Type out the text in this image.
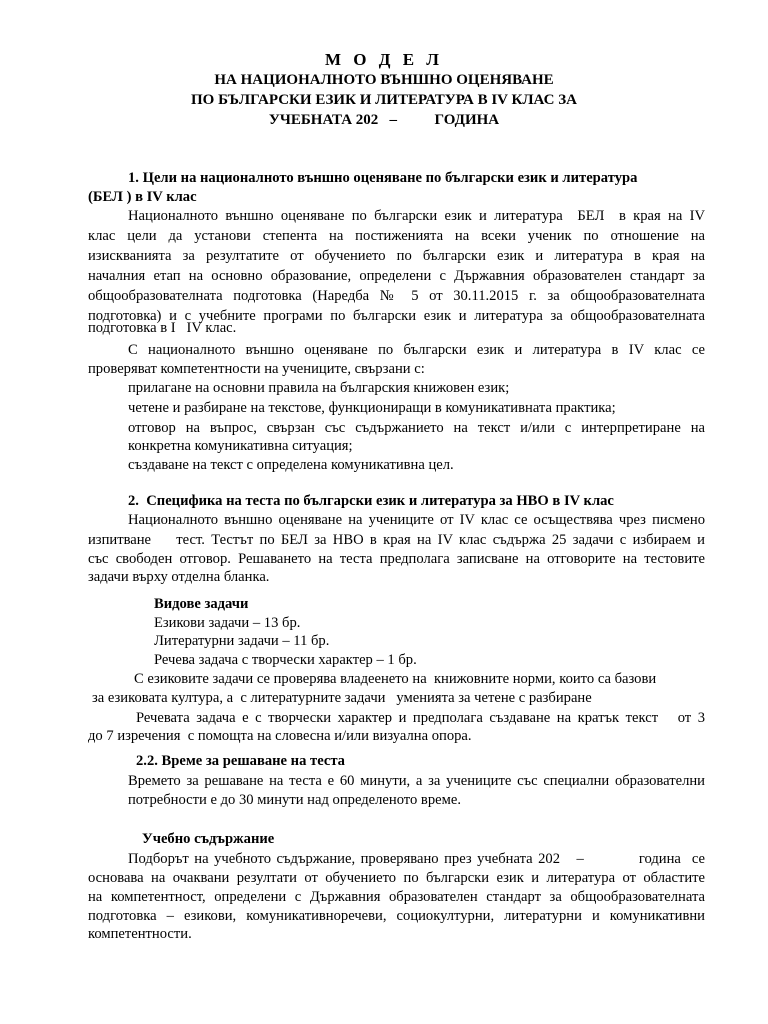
М О Д Е Л
НА НАЦИОНАЛНОТО ВЪНШНО ОЦЕНЯВАНЕ
ПО БЪЛГАРСКИ ЕЗИК И ЛИТЕРАТУРА В IV КЛАС ЗА
УЧЕБНАТА 202   –          ГОДИНА
1. Цели на националното външно оценяване по български език и литература
(БЕЛ ) в IV клас
Националното външно оценяване по български език и литература  БЕЛ  в края на IV
клас цели да установи степента на постиженията на всеки ученик по отношение на
изискванията за резултатите от обучението по български език и литература в края на
началния етап на основно образование, определени с Държавния образователен стандарт за
общообразователната подготовка (Наредба № 5 от 30.11.2015 г. за общообразователната
подготовка) и с учебните програми по български език и литература за общообразователната
подготовка в I   IV клас.
С националното външно оценяване по български език и литература в IV клас се
проверяват компетентности на учениците, свързани с:
прилагане на основни правила на българския книжовен език;
четене и разбиране на текстове, функциониращи в комуникативната практика;
отговор на въпрос, свързан със съдържанието на текст и/или с интерпретиране на
конкретна комуникативна ситуация;
създаване на текст с определена комуникативна цел.
2.  Специфика на теста по български език и литература за НВО в IV клас
Националното външно оценяване на учениците от IV клас се осъществява чрез писмено
изпитване    тест. Тестът по БЕЛ за НВО в края на IV клас съдържа 25 задачи с избираем и
със свободен отговор. Решаването на теста предполага записване на отговорите на тестовите
задачи върху отделна бланка.
Видове задачи
Езикови задачи – 13 бр.
Литературни задачи – 11 бр.
Речева задача с творчески характер – 1 бр.
С езиковите задачи се проверява владеенето на  книжовните норми, които са базови
за езиковата култура, а  с литературните задачи   уменията за четене с разбиране
Речевата задача е с творчески характер и предполага създаване на кратък текст   от 3
до 7 изречения  с помощта на словесна и/или визуална опора.
2.2. Време за решаване на теста
Времето за решаване на теста е 60 минути, а за учениците със специални образователни
потребности е до 30 минути над определеното време.
Учебно съдържание
Подборът на учебното съдържание, проверявано през учебната 202   –          година  се
основава на очаквани резултати от обучението по български език и литература от областите
на компетентност, определени с Държавния образователен стандарт за общообразователната
подготовка – езикови, комуникативноречеви, социокултурни, литературни и комуникативни
компетентности.
